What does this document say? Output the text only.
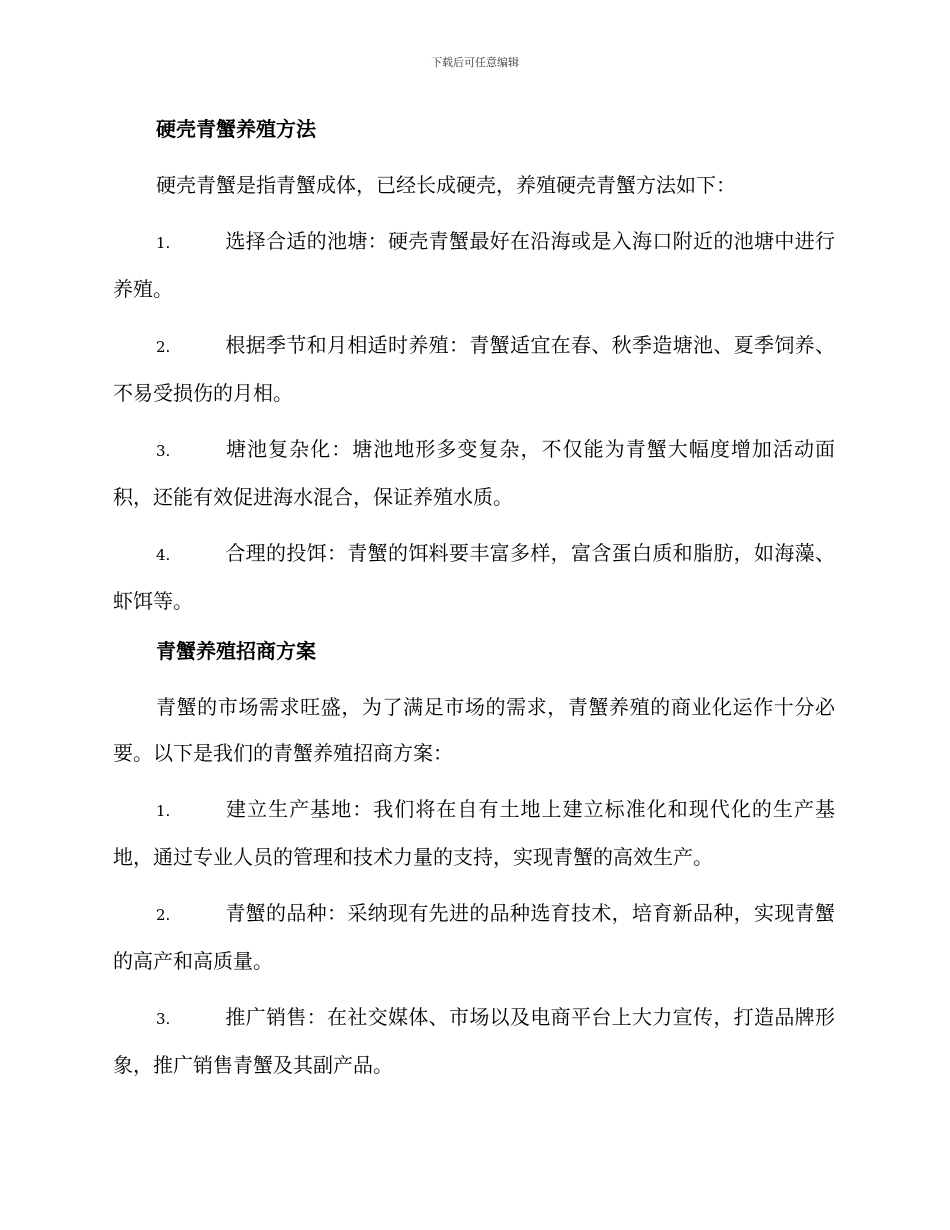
下载后可任意编辑
硬壳青蟹养殖方法

硬壳青蟹是指青蟹成体，已经长成硬壳，养殖硬壳青蟹方法如下：

1.	选择合适的池塘：硬壳青蟹最好在沿海或是入海口附近的池塘中进行养殖。

2.	根据季节和月相适时养殖：青蟹适宜在春、秋季造塘池、夏季饲养、不易受损伤的月相。

3.	塘池复杂化：塘池地形多变复杂，不仅能为青蟹大幅度增加活动面积，还能有效促进海水混合，保证养殖水质。

4.	合理的投饵：青蟹的饵料要丰富多样，富含蛋白质和脂肪，如海藻、虾饵等。

青蟹养殖招商方案

青蟹的市场需求旺盛，为了满足市场的需求，青蟹养殖的商业化运作十分必要。以下是我们的青蟹养殖招商方案：

1.	建立生产基地：我们将在自有土地上建立标准化和现代化的生产基地，通过专业人员的管理和技术力量的支持，实现青蟹的高效生产。

2.	青蟹的品种：采纳现有先进的品种选育技术，培育新品种，实现青蟹的高产和高质量。

3.	推广销售：在社交媒体、市场以及电商平台上大力宣传，打造品牌形象，推广销售青蟹及其副产品。
